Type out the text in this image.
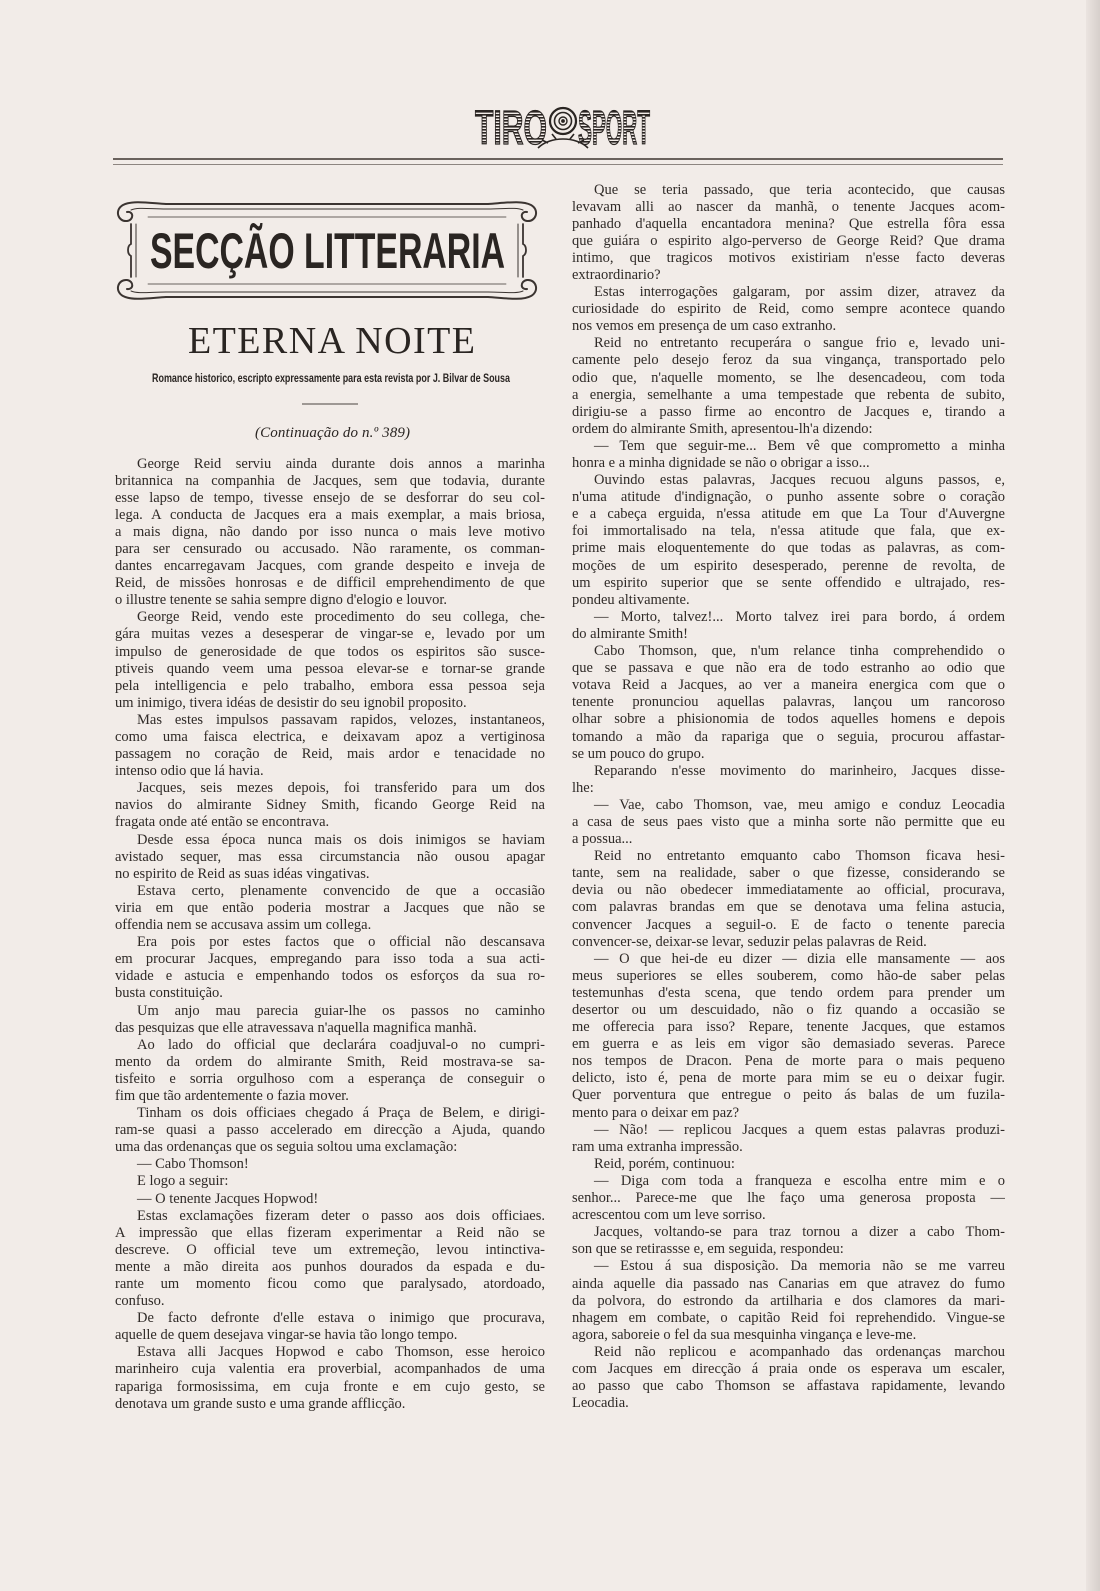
TIRO SPORT
SECÇÃO LITTERARIA
ETERNA NOITE
Romance historico, escripto expressamente para esta revista por J. Bilvar de Sousa
(Continuação do n.º 389)
George Reid serviu ainda durante dois annos a marinha
britannica na companhia de Jacques, sem que todavia, durante
esse lapso de tempo, tivesse ensejo de se desforrar do seu col-
lega. A conducta de Jacques era a mais exemplar, a mais briosa,
a mais digna, não dando por isso nunca o mais leve motivo
para ser censurado ou accusado. Não raramente, os comman-
dantes encarregavam Jacques, com grande despeito e inveja de
Reid, de missões honrosas e de difficil emprehendimento de que
o illustre tenente se sahia sempre digno d'elogio e louvor.
George Reid, vendo este procedimento do seu collega, che-
gára muitas vezes a desesperar de vingar-se e, levado por um
impulso de generosidade de que todos os espiritos são susce-
ptiveis quando veem uma pessoa elevar-se e tornar-se grande
pela intelligencia e pelo trabalho, embora essa pessoa seja
um inimigo, tivera idéas de desistir do seu ignobil proposito.
Mas estes impulsos passavam rapidos, velozes, instantaneos,
como uma faisca electrica, e deixavam apoz a vertiginosa
passagem no coração de Reid, mais ardor e tenacidade no
intenso odio que lá havia.
Jacques, seis mezes depois, foi transferido para um dos
navios do almirante Sidney Smith, ficando George Reid na
fragata onde até então se encontrava.
Desde essa época nunca mais os dois inimigos se haviam
avistado sequer, mas essa circumstancia não ousou apagar
no espirito de Reid as suas idéas vingativas.
Estava certo, plenamente convencido de que a occasião
viria em que então poderia mostrar a Jacques que não se
offendia nem se accusava assim um collega.
Era pois por estes factos que o official não descansava
em procurar Jacques, empregando para isso toda a sua acti-
vidade e astucia e empenhando todos os esforços da sua ro-
busta constituição.
Um anjo mau parecia guiar-lhe os passos no caminho
das pesquizas que elle atravessava n'aquella magnifica manhã.
Ao lado do official que declarára coadjuval-o no cumpri-
mento da ordem do almirante Smith, Reid mostrava-se sa-
tisfeito e sorria orgulhoso com a esperança de conseguir o
fim que tão ardentemente o fazia mover.
Tinham os dois officiaes chegado á Praça de Belem, e dirigi-
ram-se quasi a passo accelerado em direcção a Ajuda, quando
uma das ordenanças que os seguia soltou uma exclamação:
— Cabo Thomson!
E logo a seguir:
— O tenente Jacques Hopwod!
Estas exclamações fizeram deter o passo aos dois officiaes.
A impressão que ellas fizeram experimentar a Reid não se
descreve. O official teve um extremeção, levou intinctiva-
mente a mão direita aos punhos dourados da espada e du-
rante um momento ficou como que paralysado, atordoado,
confuso.
De facto defronte d'elle estava o inimigo que procurava,
aquelle de quem desejava vingar-se havia tão longo tempo.
Estava alli Jacques Hopwod e cabo Thomson, esse heroico
marinheiro cuja valentia era proverbial, acompanhados de uma
rapariga formosissima, em cuja fronte e em cujo gesto, se
denotava um grande susto e uma grande afflicção.
Que se teria passado, que teria acontecido, que causas
levavam alli ao nascer da manhã, o tenente Jacques acom-
panhado d'aquella encantadora menina? Que estrella fôra essa
que guiára o espirito algo-perverso de George Reid? Que drama
intimo, que tragicos motivos existiriam n'esse facto deveras
extraordinario?
Estas interrogações galgaram, por assim dizer, atravez da
curiosidade do espirito de Reid, como sempre acontece quando
nos vemos em presença de um caso extranho.
Reid no entretanto recuperára o sangue frio e, levado uni-
camente pelo desejo feroz da sua vingança, transportado pelo
odio que, n'aquelle momento, se lhe desencadeou, com toda
a energia, semelhante a uma tempestade que rebenta de subito,
dirigiu-se a passo firme ao encontro de Jacques e, tirando a
ordem do almirante Smith, apresentou-lh'a dizendo:
— Tem que seguir-me... Bem vê que comprometto a minha
honra e a minha dignidade se não o obrigar a isso...
Ouvindo estas palavras, Jacques recuou alguns passos, e,
n'uma atitude d'indignação, o punho assente sobre o coração
e a cabeça erguida, n'essa atitude em que La Tour d'Auvergne
foi immortalisado na tela, n'essa atitude que fala, que ex-
prime mais eloquentemente do que todas as palavras, as com-
moções de um espirito desesperado, perenne de revolta, de
um espirito superior que se sente offendido e ultrajado, res-
pondeu altivamente.
— Morto, talvez!... Morto talvez irei para bordo, á ordem
do almirante Smith!
Cabo Thomson, que, n'um relance tinha comprehendido o
que se passava e que não era de todo estranho ao odio que
votava Reid a Jacques, ao ver a maneira energica com que o
tenente pronunciou aquellas palavras, lançou um rancoroso
olhar sobre a phisionomia de todos aquelles homens e depois
tomando a mão da rapariga que o seguia, procurou affastar-
se um pouco do grupo.
Reparando n'esse movimento do marinheiro, Jacques disse-
lhe:
— Vae, cabo Thomson, vae, meu amigo e conduz Leocadia
a casa de seus paes visto que a minha sorte não permitte que eu
a possua...
Reid no entretanto emquanto cabo Thomson ficava hesi-
tante, sem na realidade, saber o que fizesse, considerando se
devia ou não obedecer immediatamente ao official, procurava,
com palavras brandas em que se denotava uma felina astucia,
convencer Jacques a seguil-o. E de facto o tenente parecia
convencer-se, deixar-se levar, seduzir pelas palavras de Reid.
— O que hei-de eu dizer — dizia elle mansamente — aos
meus superiores se elles souberem, como hão-de saber pelas
testemunhas d'esta scena, que tendo ordem para prender um
desertor ou um descuidado, não o fiz quando a occasião se
me offerecia para isso? Repare, tenente Jacques, que estamos
em guerra e as leis em vigor são demasiado severas. Parece
nos tempos de Dracon. Pena de morte para o mais pequeno
delicto, isto é, pena de morte para mim se eu o deixar fugir.
Quer porventura que entregue o peito ás balas de um fuzila-
mento para o deixar em paz?
— Não! — replicou Jacques a quem estas palavras produzi-
ram uma extranha impressão.
Reid, porém, continuou:
— Diga com toda a franqueza e escolha entre mim e o
senhor... Parece-me que lhe faço uma generosa proposta —
acrescentou com um leve sorriso.
Jacques, voltando-se para traz tornou a dizer a cabo Thom-
son que se retirassse e, em seguida, respondeu:
— Estou á sua disposição. Da memoria não se me varreu
ainda aquelle dia passado nas Canarias em que atravez do fumo
da polvora, do estrondo da artilharia e dos clamores da mari-
nhagem em combate, o capitão Reid foi reprehendido. Vingue-se
agora, saboreie o fel da sua mesquinha vingança e leve-me.
Reid não replicou e acompanhado das ordenanças marchou
com Jacques em direcção á praia onde os esperava um escaler,
ao passo que cabo Thomson se affastava rapidamente, levando
Leocadia.
